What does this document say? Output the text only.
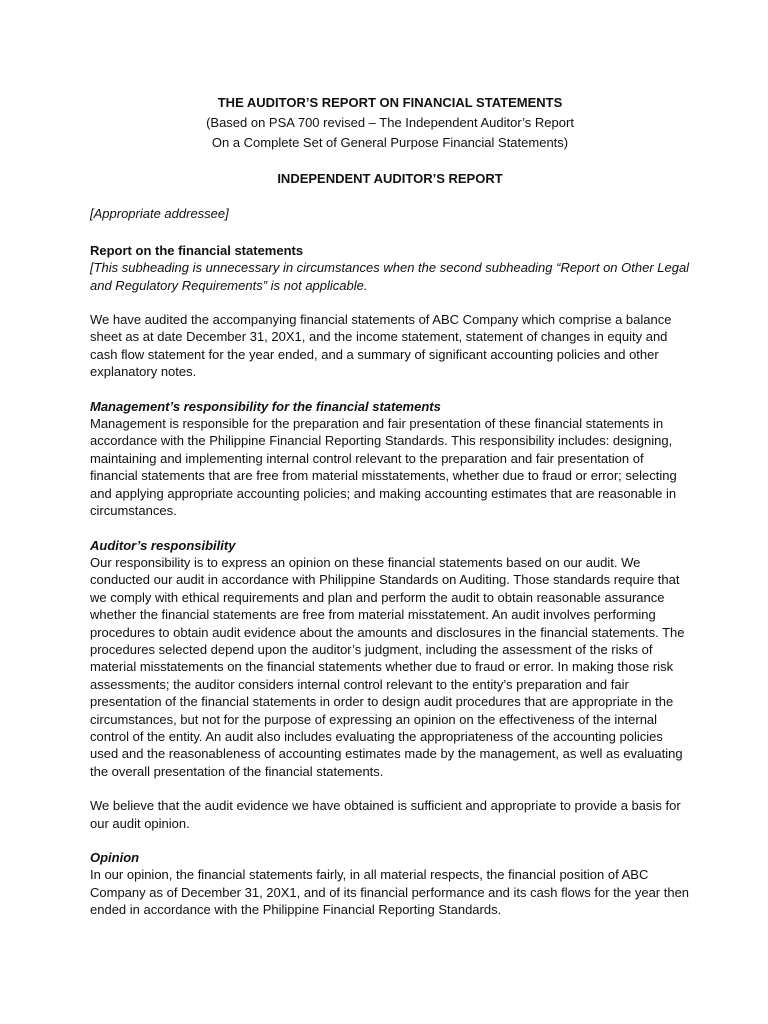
THE AUDITOR’S REPORT ON FINANCIAL STATEMENTS
(Based on PSA 700 revised – The Independent Auditor’s Report
On a Complete Set of General Purpose Financial Statements)
INDEPENDENT AUDITOR’S REPORT

[Appropriate addressee]

Report on the financial statements

[This subheading is unnecessary in circumstances when the second subheading “Report on Other Legal

and Regulatory Requirements” is not applicable.

We have audited the accompanying financial statements of ABC Company which comprise a balance

sheet as at date December 31, 20X1, and the income statement, statement of changes in equity and

cash flow statement for the year ended, and a summary of significant accounting policies and other

explanatory notes.

Management’s responsibility for the financial statements

Management is responsible for the preparation and fair presentation of these financial statements in

accordance with the Philippine Financial Reporting Standards. This responsibility includes: designing,

maintaining and implementing internal control relevant to the preparation and fair presentation of

financial statements that are free from material misstatements, whether due to fraud or error; selecting

and applying appropriate accounting policies; and making accounting estimates that are reasonable in

circumstances.

Auditor’s responsibility

Our responsibility is to express an opinion on these financial statements based on our audit. We

conducted our audit in accordance with Philippine Standards on Auditing. Those standards require that

we comply with ethical requirements and plan and perform the audit to obtain reasonable assurance

whether the financial statements are free from material misstatement. An audit involves performing

procedures to obtain audit evidence about the amounts and disclosures in the financial statements. The

procedures selected depend upon the auditor’s judgment, including the assessment of the risks of

material misstatements on the financial statements whether due to fraud or error. In making those risk

assessments; the auditor considers internal control relevant to the entity’s preparation and fair

presentation of the financial statements in order to design audit procedures that are appropriate in the

circumstances, but not for the purpose of expressing an opinion on the effectiveness of the internal

control of the entity. An audit also includes evaluating the appropriateness of the accounting policies

used and the reasonableness of accounting estimates made by the management, as well as evaluating

the overall presentation of the financial statements.

We believe that the audit evidence we have obtained is sufficient and appropriate to provide a basis for

our audit opinion.

Opinion

In our opinion, the financial statements fairly, in all material respects, the financial position of ABC

Company as of December 31, 20X1, and of its financial performance and its cash flows for the year then

ended in accordance with the Philippine Financial Reporting Standards.
